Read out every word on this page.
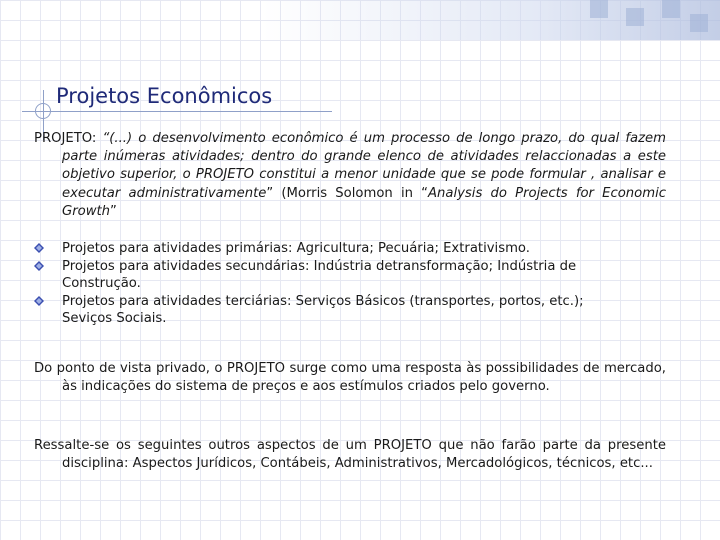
Projetos Econômicos
PROJETO: “(...) o desenvolvimento econômico é um processo de longo prazo, do qual fazem parte inúmeras atividades; dentro do grande elenco de atividades relaccionadas a este objetivo superior, o PROJETO constitui a menor unidade que se pode formular , analisar e executar administrativamente” (Morris Solomon in “Analysis do Projects for Economic Growth”
Projetos para atividades primárias: Agricultura; Pecuária; Extrativismo.
Projetos para atividades secundárias: Indústria detransformação; Indústria de Construção.
Projetos para atividades terciárias: Serviços Básicos (transportes, portos, etc.); Seviços Sociais.
Do ponto de vista privado, o PROJETO surge como uma resposta às possibilidades de mercado, às indicações do sistema de preços e aos estímulos criados pelo governo.
Ressalte-se os seguintes outros aspectos de um PROJETO que não farão parte da presente disciplina: Aspectos Jurídicos, Contábeis, Administrativos, Mercadológicos, técnicos, etc...
